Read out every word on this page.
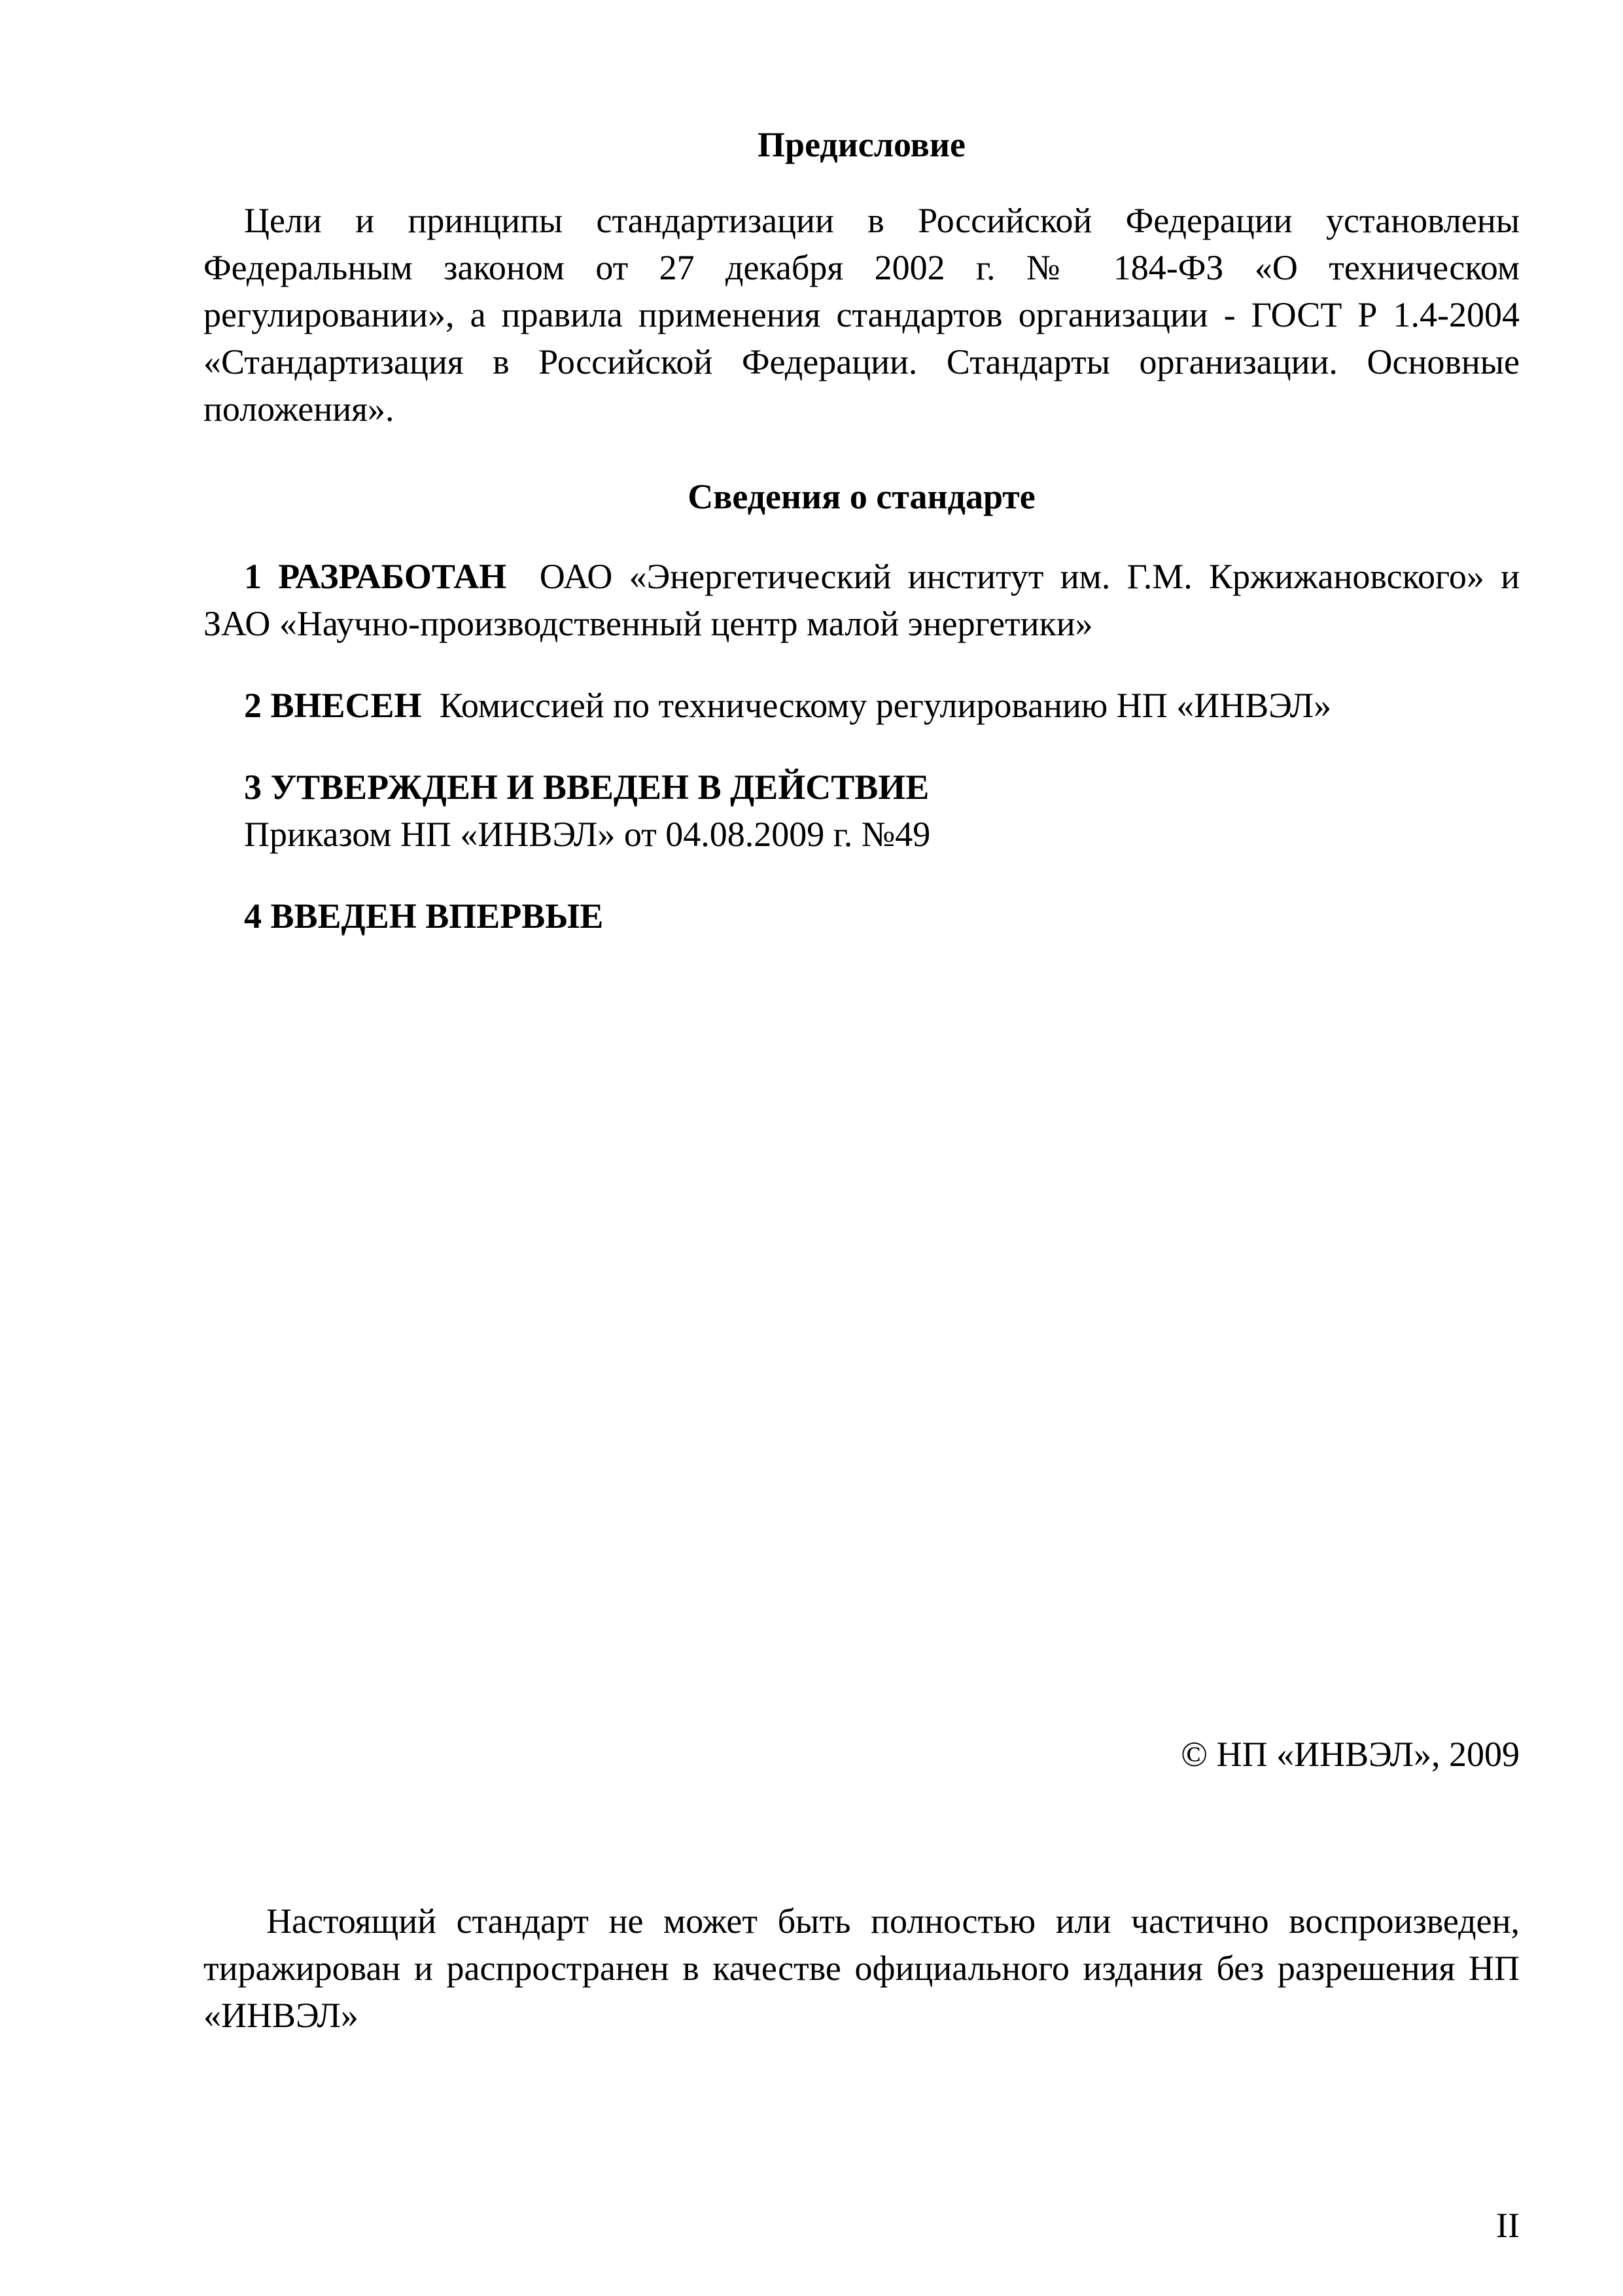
Предисловие

Цели и принципы стандартизации в Российской Федерации установлены Федеральным законом от 27 декабря 2002 г. № 184-ФЗ «О техническом регулировании», а правила применения стандартов организации - ГОСТ Р 1.4-2004 «Стандартизация в Российской Федерации. Стандарты организации. Основные положения».

Сведения о стандарте

1 РАЗРАБОТАН ОАО «Энергетический институт им. Г.М. Кржижановского» и ЗАО «Научно-производственный центр малой энергетики»

2 ВНЕСЕН Комиссией по техническому регулированию НП «ИНВЭЛ»

3 УТВЕРЖДЕН И ВВЕДЕН В ДЕЙСТВИЕ
Приказом НП «ИНВЭЛ» от 04.08.2009 г. №49

4 ВВЕДЕН ВПЕРВЫЕ

© НП «ИНВЭЛ», 2009

Настоящий стандарт не может быть полностью или частично воспроизведен, тиражирован и распространен в качестве официального издания без разрешения НП «ИНВЭЛ»

II
